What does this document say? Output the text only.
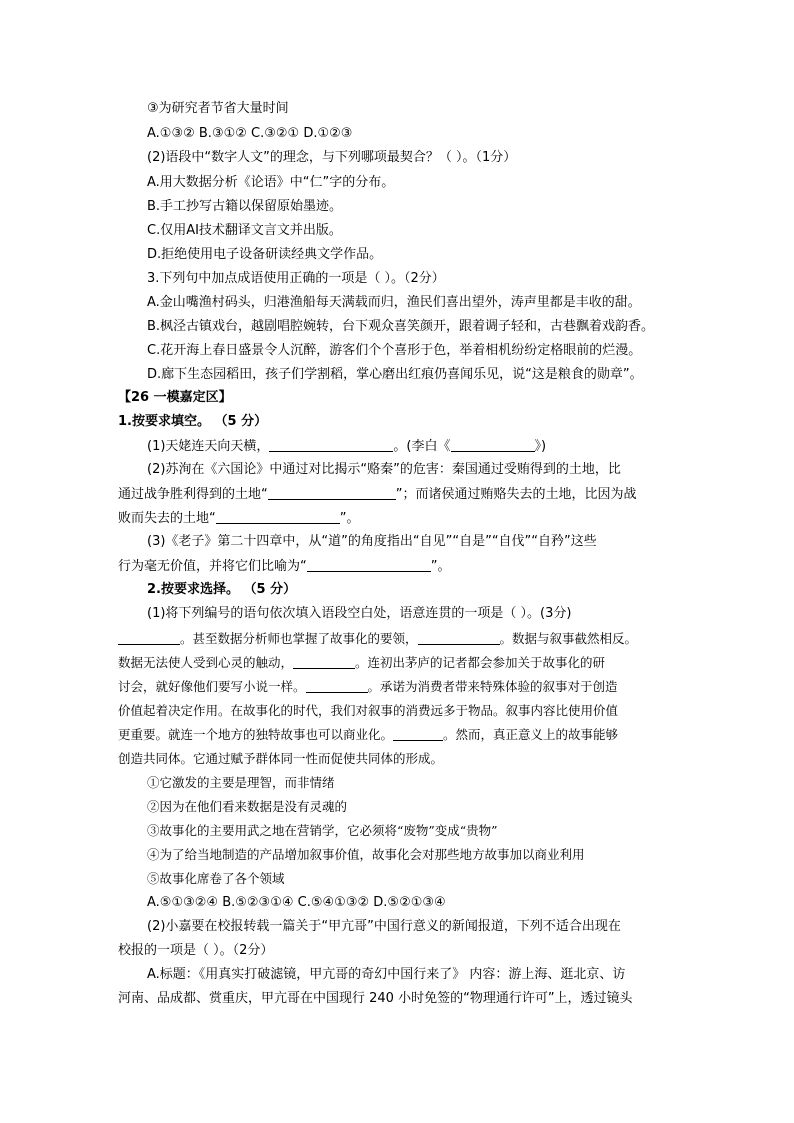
③为研究者节省大量时间
A.①③② B.③①② C.③②① D.①②③
(2)语段中“数字人文”的理念，与下列哪项最契合？（ ）。（1分）
A.用大数据分析《论语》中“仁”字的分布。
B.手工抄写古籍以保留原始墨迹。
C.仅用AI技术翻译文言文并出版。
D.拒绝使用电子设备研读经典文学作品。
3.下列句中加点成语使用正确的一项是（ ）。（2分）
A.金山嘴渔村码头，归港渔船每天满载而归，渔民们喜出望外，涛声里都是丰收的甜。
B.枫泾古镇戏台，越剧唱腔婉转，台下观众喜笑颜开，跟着调子轻和，古巷飘着戏韵香。
C.花开海上春日盛景令人沉醉，游客们个个喜形于色，举着相机纷纷定格眼前的烂漫。
D.廊下生态园稻田，孩子们学割稻，掌心磨出红痕仍喜闻乐见，说“这是粮食的勋章”。
【26 一模嘉定区】
1.按要求填空。 （5 分）
(1)天姥连天向天横，	。(李白《	》)
(2)苏洵在《六国论》中通过对比揭示“赂秦”的危害：秦国通过受贿得到的土地，比
通过战争胜利得到的土地“	”；而诸侯通过贿赂失去的土地，比因为战
败而失去的土地“	”。
(3)《老子》第二十四章中，从“道”的角度指出“自见”“自是”“自伐”“自矜”这些
行为毫无价值，并将它们比喻为“	”。
2.按要求选择。 （5 分）
(1)将下列编号的语句依次填入语段空白处，语意连贯的一项是（ ）。(3分)
。甚至数据分析师也掌握了故事化的要领，	。数据与叙事截然相反。
数据无法使人受到心灵的触动，	。连初出茅庐的记者都会参加关于故事化的研
讨会，就好像他们要写小说一样。	。承诺为消费者带来特殊体验的叙事对于创造
价值起着决定作用。在故事化的时代，我们对叙事的消费远多于物品。叙事内容比使用价值
更重要。就连一个地方的独特故事也可以商业化。	。然而，真正意义上的故事能够
创造共同体。它通过赋予群体同一性而促使共同体的形成。
①它激发的主要是理智，而非情绪
②因为在他们看来数据是没有灵魂的
③故事化的主要用武之地在营销学，它必须将“废物”变成“贵物”
④为了给当地制造的产品增加叙事价值，故事化会对那些地方故事加以商业利用
⑤故事化席卷了各个领域
A.⑤①③②④ B.⑤②③①④ C.⑤④①③② D.⑤②①③④
(2)小嘉要在校报转载一篇关于“甲亢哥”中国行意义的新闻报道，下列不适合出现在
校报的一项是（ ）。（2分）
A.标题：《用真实打破滤镜，甲亢哥的奇幻中国行来了》 内容：游上海、逛北京、访
河南、品成都、赏重庆，甲亢哥在中国现行 240 小时免签的“物理通行许可”上，透过镜头
